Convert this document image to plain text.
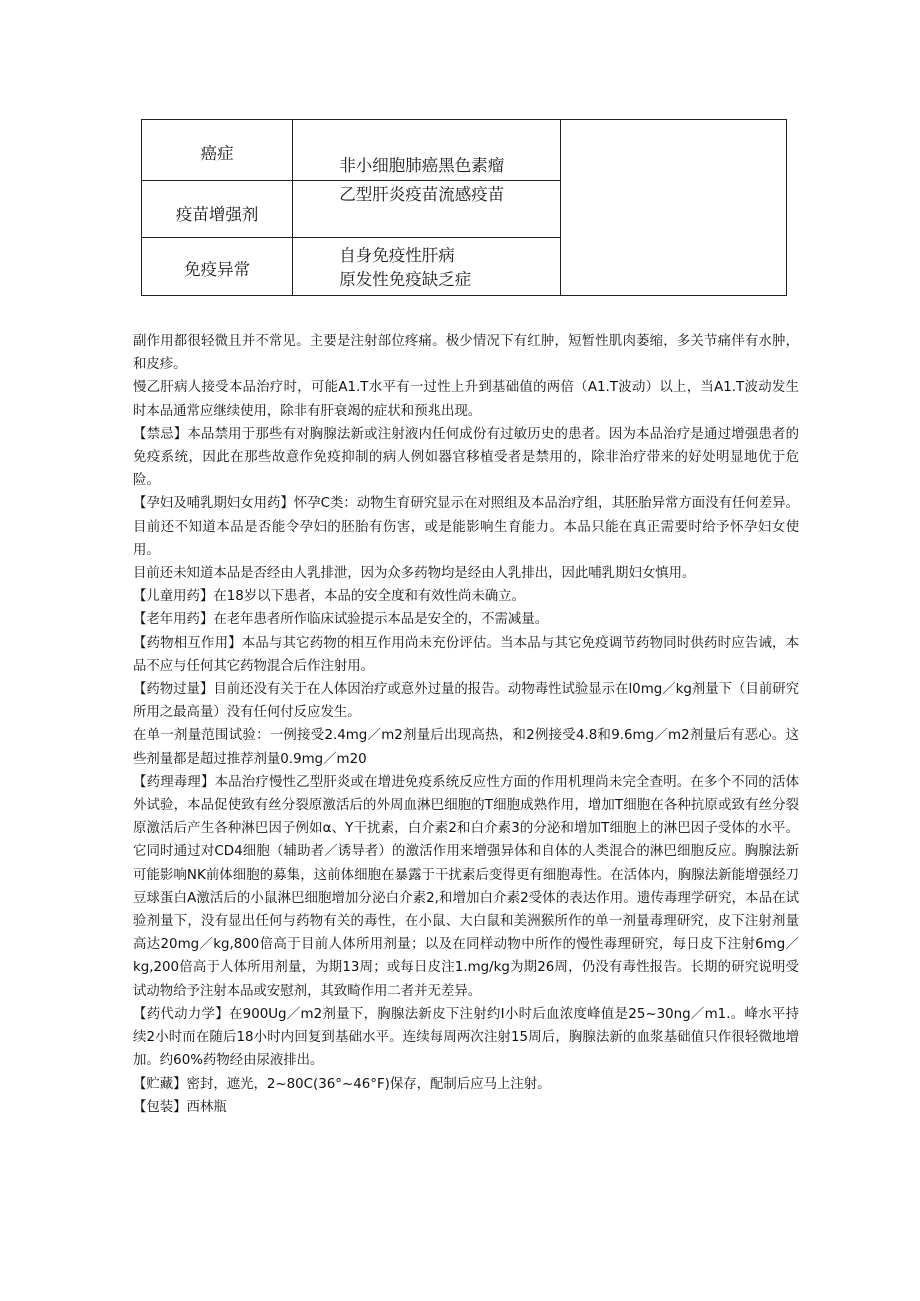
癌症	非小细胞肺癌黑色素瘤	

疫苗增强剂	乙型肝炎疫苗流感疫苗	

免疫异常	自身免疫性肝病
原发性免疫缺乏症	

副作用都很轻微且并不常见。主要是注射部位疼痛。极少情况下有红肿，短暂性肌肉萎缩，多关节痛伴有水肿，和皮疹。

慢乙肝病人接受本品治疗时，可能A1.T水平有一过性上升到基础值的两倍（A1.T波动）以上，当A1.T波动发生时本品通常应继续使用，除非有肝衰竭的症状和预兆出现。

【禁忌】本品禁用于那些有对胸腺法新或注射液内任何成份有过敏历史的患者。因为本品治疗是通过增强患者的免疫系统，因此在那些故意作免疫抑制的病人例如器官移植受者是禁用的，除非治疗带来的好处明显地优于危险。

【孕妇及哺乳期妇女用药】怀孕C类：动物生育研究显示在对照组及本品治疗组，其胚胎异常方面没有任何差异。目前还不知道本品是否能令孕妇的胚胎有伤害，或是能影响生育能力。本品只能在真正需要时给予怀孕妇女使用。

目前还未知道本品是否经由人乳排泄，因为众多药物均是经由人乳排出，因此哺乳期妇女慎用。

【儿童用药】在18岁以下患者，本品的安全度和有效性尚未确立。

【老年用药】在老年患者所作临床试验提示本品是安全的，不需减量。

【药物相互作用】本品与其它药物的相互作用尚未充份评估。当本品与其它免疫调节药物同时供药时应告诫，本品不应与任何其它药物混合后作注射用。

【药物过量】目前还没有关于在人体因治疗或意外过量的报告。动物毒性试验显示在l0mg／kg剂量下（目前研究所用之最高量）没有任何付反应发生。

在单一剂量范围试验：一例接受2.4mg／m2剂量后出现高热，和2例接受4.8和9.6mg／m2剂量后有恶心。这些剂量都是超过推荐剂量0.9mg／m20

【药理毒理】本品治疗慢性乙型肝炎或在增进免疫系统反应性方面的作用机理尚未完全查明。在多个不同的活体外试验，本品促使致有丝分裂原激活后的外周血淋巴细胞的T细胞成熟作用，增加T细胞在各种抗原或致有丝分裂原激活后产生各种淋巴因子例如α、Y干扰素，白介素2和白介素3的分泌和增加T细胞上的淋巴因子受体的水平。它同时通过对CD4细胞（辅助者／诱导者）的激活作用来增强异体和自体的人类混合的淋巴细胞反应。胸腺法新可能影响NK前体细胞的募集，这前体细胞在暴露于干扰素后变得更有细胞毒性。在活体内，胸腺法新能增强经刀豆球蛋白A激活后的小鼠淋巴细胞增加分泌白介素2,和增加白介素2受体的表达作用。遗传毒理学研究，本品在试验剂量下，没有显出任何与药物有关的毒性，在小鼠、大白鼠和美洲猴所作的单一剂量毒理研究，皮下注射剂量高达20mg／kg,800倍高于目前人体所用剂量；以及在同样动物中所作的慢性毒理研究，每日皮下注射6mg／kg,200倍高于人体所用剂量，为期13周；或每日皮注1.mg/kg为期26周，仍没有毒性报告。长期的研究说明受试动物给予注射本品或安慰剂，其致畸作用二者并无差异。

【药代动力学】在900Ug／m2剂量下，胸腺法新皮下注射约I小时后血浓度峰值是25~30ng／m1.。峰水平持续2小时而在随后18小时内回复到基础水平。连续每周两次注射15周后，胸腺法新的血浆基础值只作很轻微地增加。约60%药物经由尿液排出。

【贮藏】密封，遮光，2~80C(36°~46°F)保存，配制后应马上注射。

【包装】西林瓶
